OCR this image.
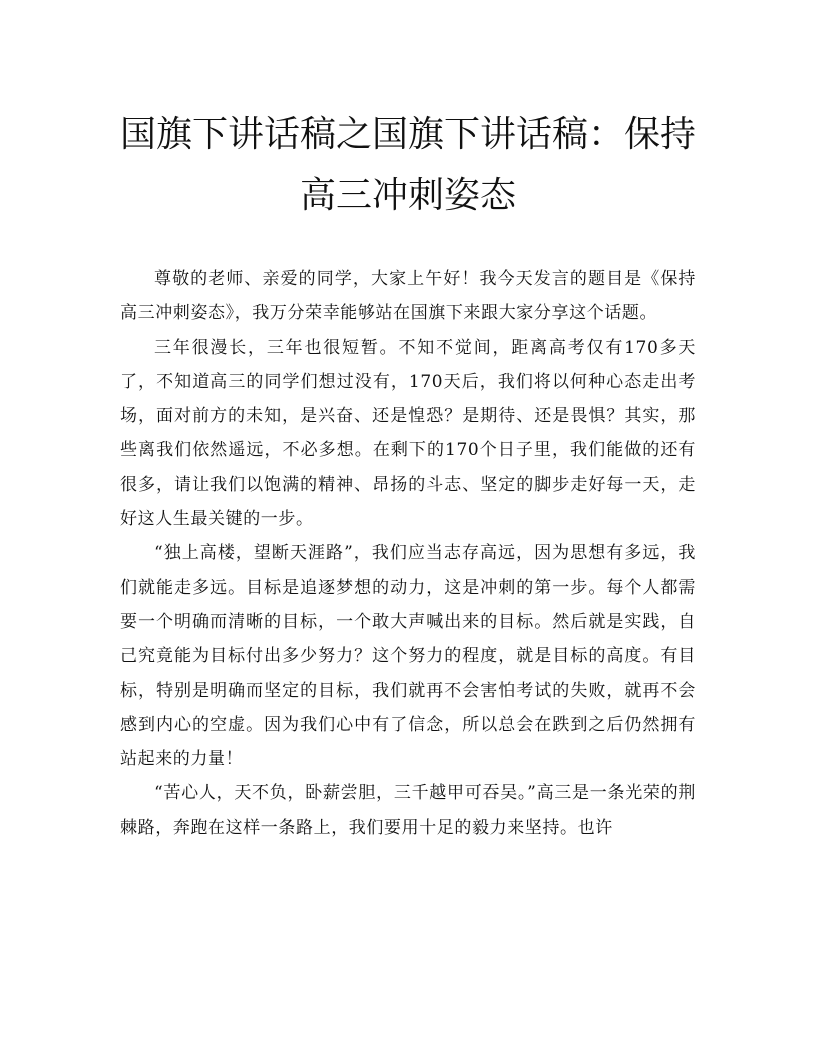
国旗下讲话稿之国旗下讲话稿：保持高三冲刺姿态

尊敬的老师、亲爱的同学，大家上午好！我今天发言的题目是《保持高三冲刺姿态》，我万分荣幸能够站在国旗下来跟大家分享这个话题。

三年很漫长，三年也很短暂。不知不觉间，距离高考仅有170多天了，不知道高三的同学们想过没有，170天后，我们将以何种心态走出考场，面对前方的未知，是兴奋、还是惶恐？是期待、还是畏惧？其实，那些离我们依然遥远，不必多想。在剩下的170个日子里，我们能做的还有很多，请让我们以饱满的精神、昂扬的斗志、坚定的脚步走好每一天，走好这人生最关键的一步。

“独上高楼，望断天涯路”，我们应当志存高远，因为思想有多远，我们就能走多远。目标是追逐梦想的动力，这是冲刺的第一步。每个人都需要一个明确而清晰的目标，一个敢大声喊出来的目标。然后就是实践，自己究竟能为目标付出多少努力？这个努力的程度，就是目标的高度。有目标，特别是明确而坚定的目标，我们就再不会害怕考试的失败，就再不会感到内心的空虚。因为我们心中有了信念，所以总会在跌到之后仍然拥有站起来的力量！

“苦心人，天不负，卧薪尝胆，三千越甲可吞吴。”高三是一条光荣的荆棘路，奔跑在这样一条路上，我们要用十足的毅力来坚持。也许
